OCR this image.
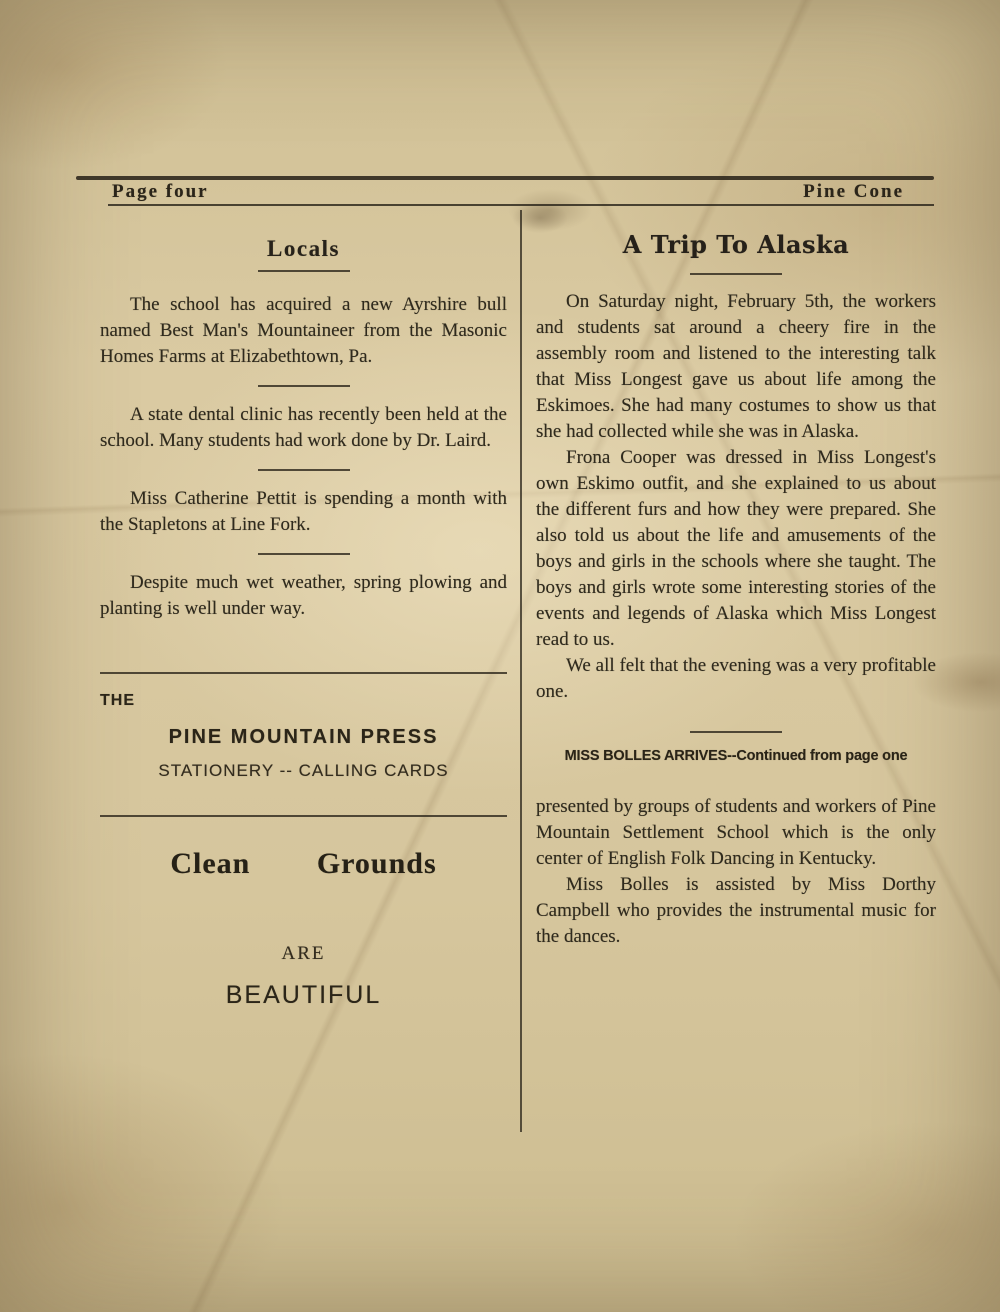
Page four	Pine Cone
Locals

The school has acquired a new Ayrshire bull named Best Man's Mountaineer from the Masonic Homes Farms at Elizabethtown, Pa.

A state dental clinic has recently been held at the school. Many students had work done by Dr. Laird.

Miss Catherine Pettit is spending a month with the Stapletons at Line Fork.

Despite much wet weather, spring plowing and planting is well under way.

THE
PINE MOUNTAIN PRESS
STATIONERY -- CALLING CARDS
Clean Grounds
ARE
BEAUTIFUL
A Trip To Alaska

On Saturday night, February 5th, the workers and students sat around a cheery fire in the assembly room and listened to the interesting talk that Miss Longest gave us about life among the Eskimoes. She had many costumes to show us that she had collected while she was in Alaska.

Frona Cooper was dressed in Miss Longest's own Eskimo outfit, and she explained to us about the different furs and how they were prepared. She also told us about the life and amusements of the boys and girls in the schools where she taught. The boys and girls wrote some interesting stories of the events and legends of Alaska which Miss Longest read to us.

We all felt that the evening was a very profitable one.

MISS BOLLES ARRIVES--Continued from page one

presented by groups of students and workers of Pine Mountain Settlement School which is the only center of English Folk Dancing in Kentucky.

Miss Bolles is assisted by Miss Dorthy Campbell who provides the instrumental music for the dances.
